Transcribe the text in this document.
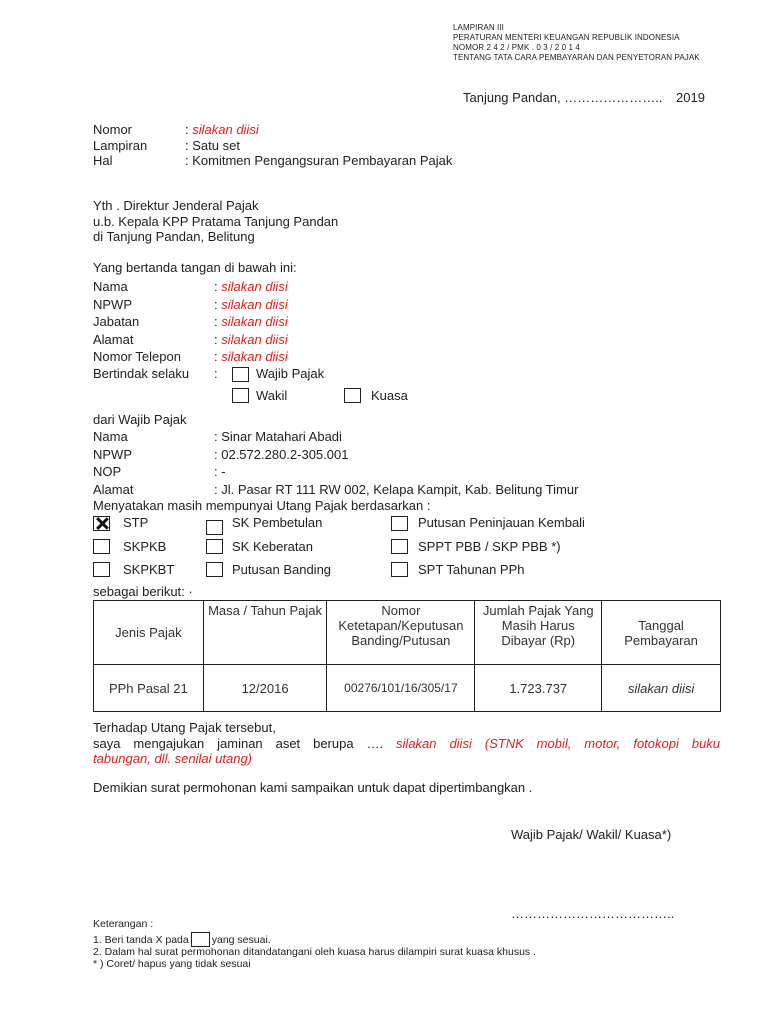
LAMPIRAN III
PERATURAN MENTERI KEUANGAN REPUBLIK INDONESIA
NOMOR 2 4 2 / PMK . 0 3 / 2 0 1 4
TENTANG TATA CARA PEMBAYARAN DAN PENYETORAN PAJAK
Tanjung Pandan, ………………….. 2019
Nomor	: silakan diisi
Lampiran	: Satu set
Hal	: Komitmen Pengangsuran Pembayaran Pajak
Yth . Direktur Jenderal Pajak
u.b. Kepala KPP Pratama Tanjung Pandan
di Tanjung Pandan, Belitung
Yang bertanda tangan di bawah ini:
Nama	: silakan diisi
NPWP	: silakan diisi
Jabatan	: silakan diisi
Alamat	: silakan diisi
Nomor Telepon	: silakan diisi
Bertindak selaku :	Wajib Pajak
Wakil	Kuasa
dari Wajib Pajak
Nama	: Sinar Matahari Abadi
NPWP	: 02.572.280.2-305.001
NOP	: -
Alamat	: Jl. Pasar RT 111 RW 002, Kelapa Kampit, Kab. Belitung Timur
Menyatakan masih mempunyai Utang Pajak berdasarkan :
STP	SK Pembetulan	Putusan Peninjauan Kembali
SKPKB	SK Keberatan	SPPT PBB / SKP PBB *)
SKPKBT	Putusan Banding	SPT Tahunan PPh
sebagai berikut: ·
Jenis Pajak	Masa / Tahun Pajak	Nomor Ketetapan/Keputusan Banding/Putusan	Jumlah Pajak Yang Masih Harus Dibayar (Rp)	Tanggal Pembayaran
PPh Pasal 21	12/2016	00276/101/16/305/17	1.723.737	silakan diisi
Terhadap Utang Pajak tersebut,
saya mengajukan jaminan aset berupa …. silakan diisi (STNK mobil, motor, fotokopi buku
tabungan, dll. senilai utang)
Demikian surat permohonan kami sampaikan untuk dapat dipertimbangkan .
Wajib Pajak/ Wakil/ Kuasa*)
………………………………..
Keterangan :
1. Beri tanda X pada yang sesuai.
2. Dalam hal surat permohonan ditandatangani oleh kuasa harus dilampiri surat kuasa khusus .
* ) Coret/ hapus yang tidak sesuai
